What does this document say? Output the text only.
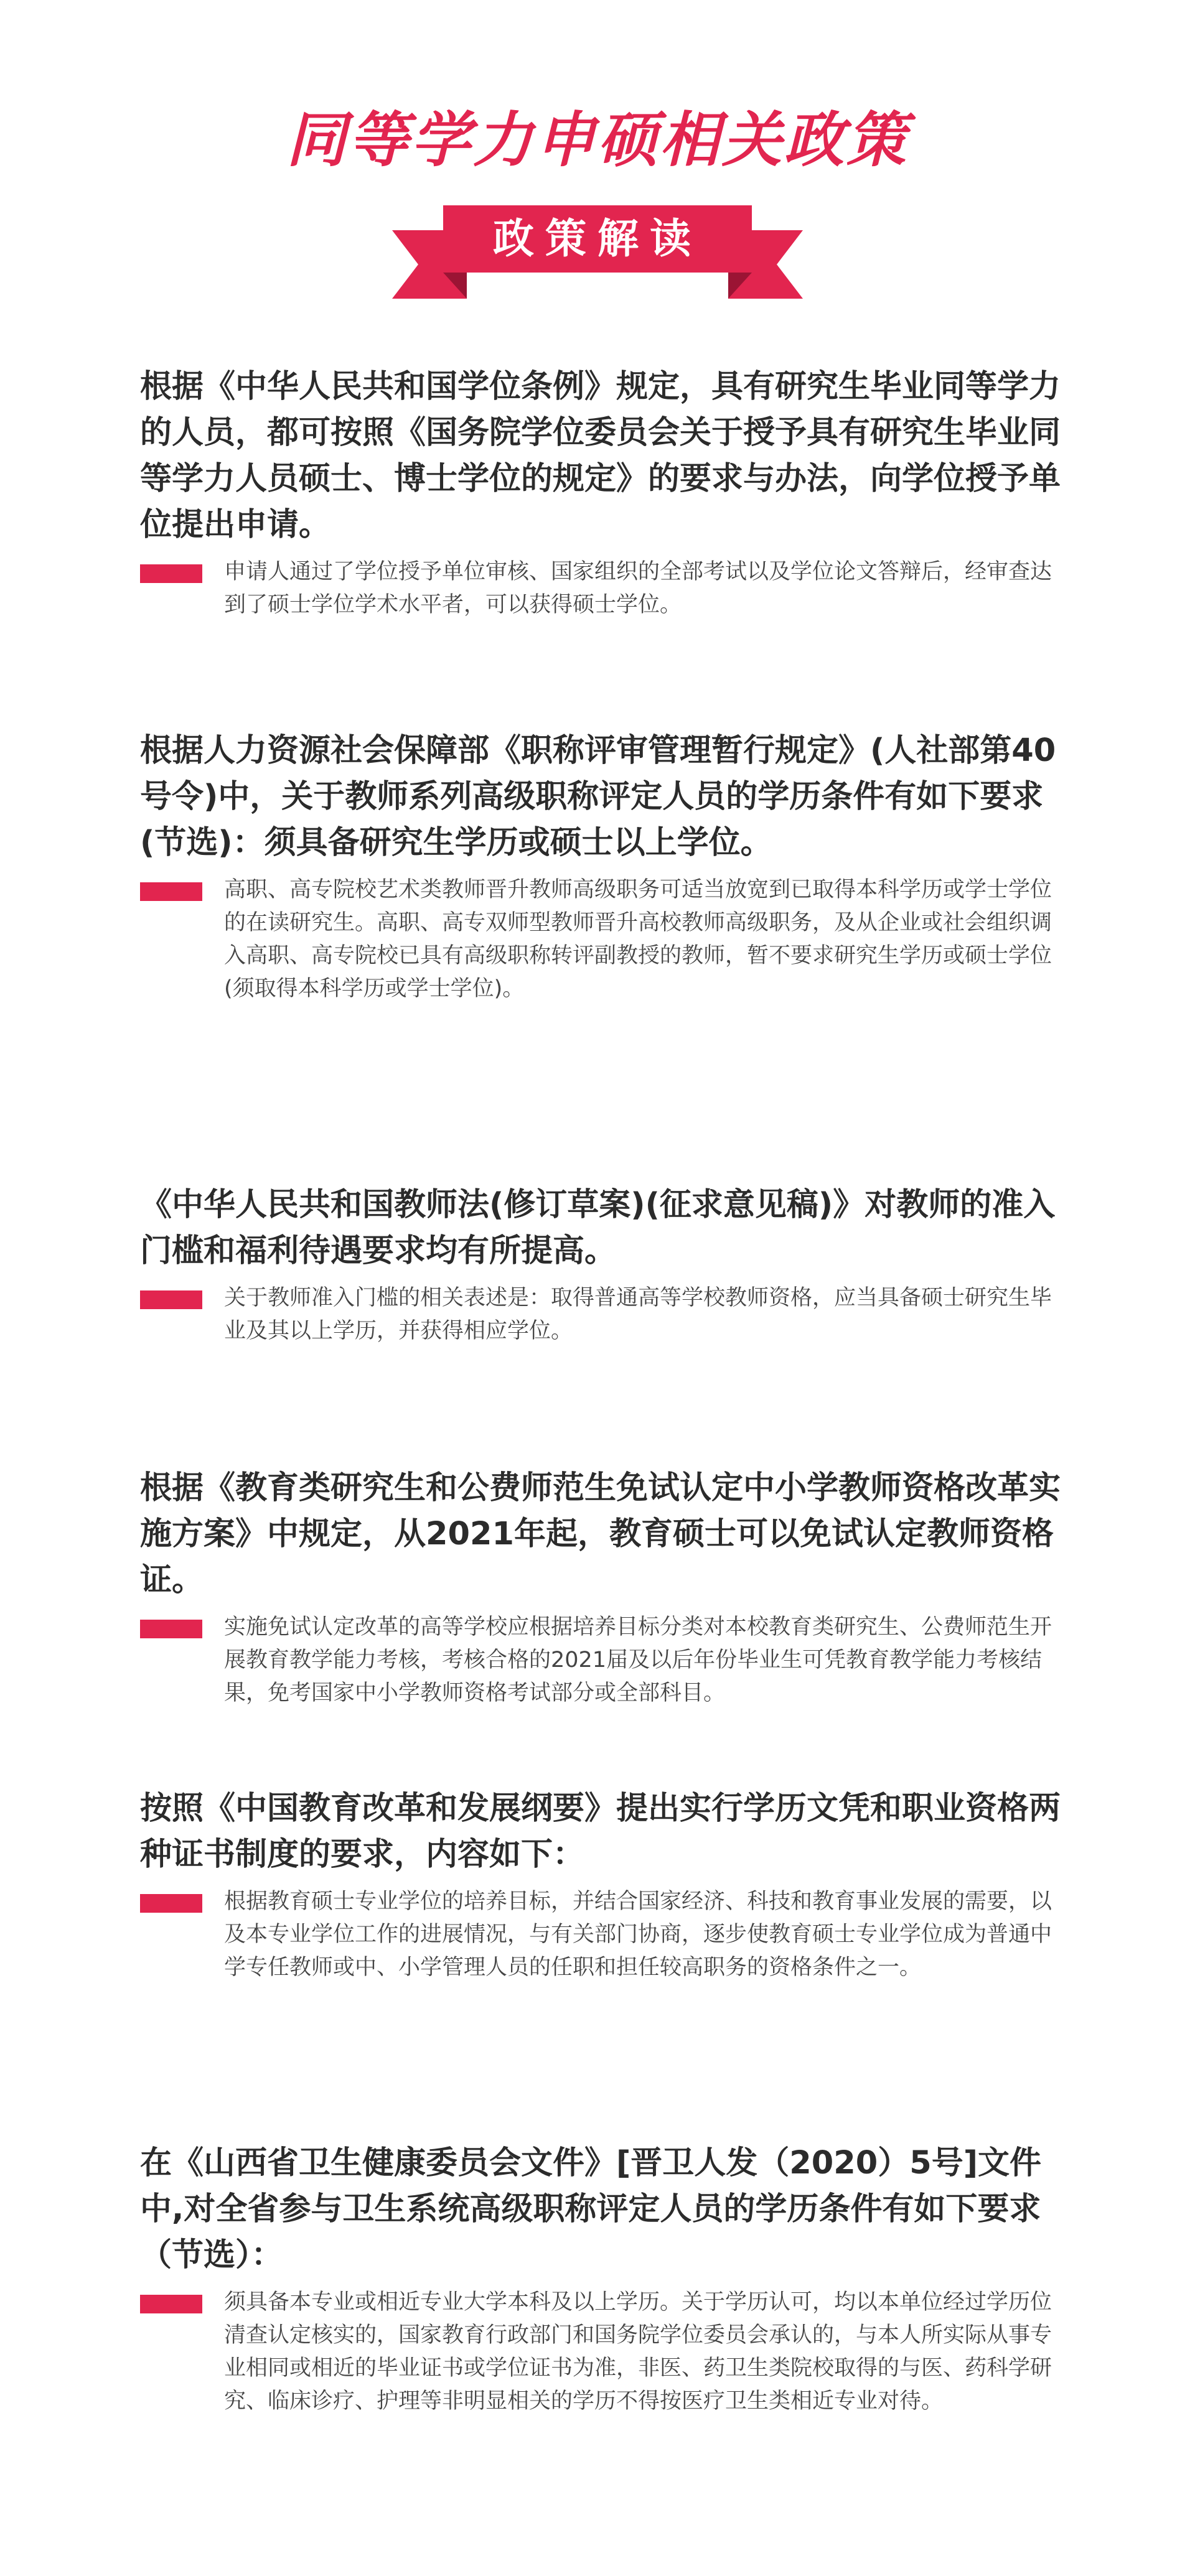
同等学力申硕相关政策
政策解读

根据《中华人民共和国学位条例》规定，具有研究生毕业同等学力的人员，都可按照《国务院学位委员会关于授予具有研究生毕业同等学力人员硕士、博士学位的规定》的要求与办法，向学位授予单位提出申请。

申请人通过了学位授予单位审核、国家组织的全部考试以及学位论文答辩后，经审查达到了硕士学位学术水平者，可以获得硕士学位。

根据人力资源社会保障部《职称评审管理暂行规定》(人社部第40号令)中，关于教师系列高级职称评定人员的学历条件有如下要求(节选)：须具备研究生学历或硕士以上学位。

高职、高专院校艺术类教师晋升教师高级职务可适当放宽到已取得本科学历或学士学位的在读研究生。高职、高专双师型教师晋升高校教师高级职务，及从企业或社会组织调入高职、高专院校已具有高级职称转评副教授的教师，暂不要求研究生学历或硕士学位(须取得本科学历或学士学位)。

《中华人民共和国教师法(修订草案)(征求意见稿)》对教师的准入门槛和福利待遇要求均有所提高。

关于教师准入门槛的相关表述是：取得普通高等学校教师资格，应当具备硕士研究生毕业及其以上学历，并获得相应学位。

根据《教育类研究生和公费师范生免试认定中小学教师资格改革实施方案》中规定，从2021年起，教育硕士可以免试认定教师资格证。

实施免试认定改革的高等学校应根据培养目标分类对本校教育类研究生、公费师范生开展教育教学能力考核，考核合格的2021届及以后年份毕业生可凭教育教学能力考核结果，免考国家中小学教师资格考试部分或全部科目。

按照《中国教育改革和发展纲要》提出实行学历文凭和职业资格两种证书制度的要求，内容如下：

根据教育硕士专业学位的培养目标，并结合国家经济、科技和教育事业发展的需要，以及本专业学位工作的进展情况，与有关部门协商，逐步使教育硕士专业学位成为普通中学专任教师或中、小学管理人员的任职和担任较高职务的资格条件之一。

在《山西省卫生健康委员会文件》[晋卫人发（2020）5号]文件中,对全省参与卫生系统高级职称评定人员的学历条件有如下要求（节选）：

须具备本专业或相近专业大学本科及以上学历。关于学历认可，均以本单位经过学历位清查认定核实的，国家教育行政部门和国务院学位委员会承认的，与本人所实际从事专业相同或相近的毕业证书或学位证书为准，非医、药卫生类院校取得的与医、药科学研究、临床诊疗、护理等非明显相关的学历不得按医疗卫生类相近专业对待。
